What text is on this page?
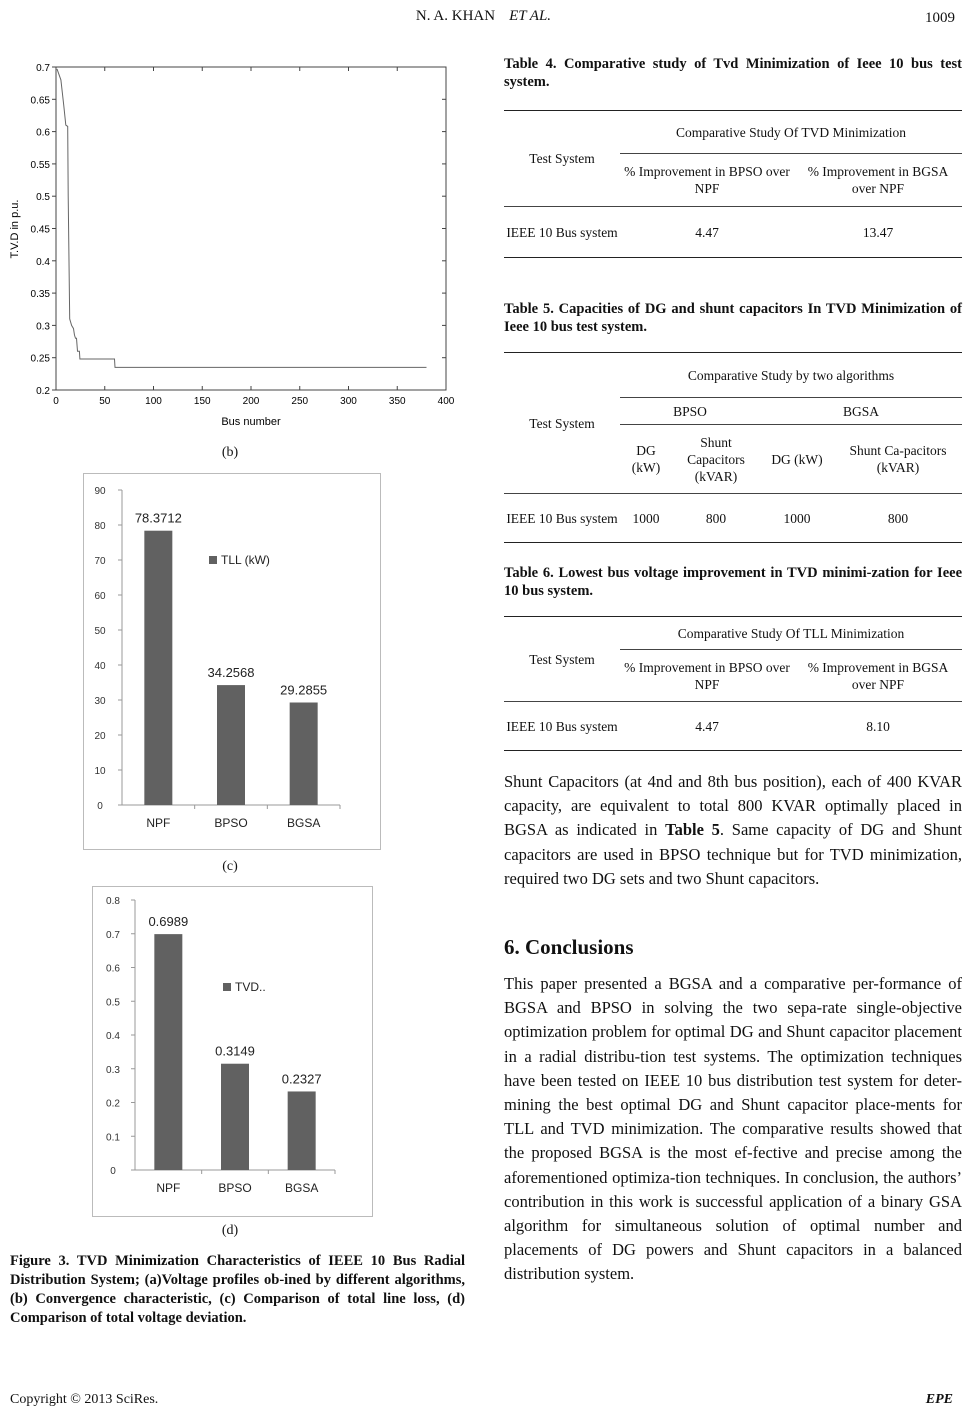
N. A. KHAN ET AL.	1009
0.2
0.25
0.3
0.35
0.4
0.45
0.5
0.55
0.6
0.65
0.7
0	50	100	150	200	250	300	350	400
Bus number
T.V.D in p.u.
(b)
0
10
20
30
40
50
60
70
80
90
78.3712
NPF
34.2568
BPSO
29.2855
BGSA
TLL (kW)
(c)
0
0.1
0.2
0.3
0.4
0.5
0.6
0.7
0.8
0.6989
NPF
0.3149
BPSO
0.2327
BGSA
TVD..
(d)
Figure 3. TVD Minimization Characteristics of IEEE 10 Bus Radial Distribution System; (a)Voltage profiles ob-ined by different algorithms, (b) Convergence characteristic, (c) Comparison of total line loss, (d) Comparison of total voltage deviation.
Table 4. Comparative study of Tvd Minimization of Ieee 10 bus test system.
Test System	Comparative Study Of TVD Minimization	
	% Improvement in BPSO over NPF	% Improvement in BGSA over NPF
IEEE 10 Bus system	4.47	13.47
Table 5. Capacities of DG and shunt capacitors In TVD Minimization of Ieee 10 bus test system.
Test System	Comparative Study by two algorithms			
	BPSO		BGSA	
	DG (kW)	Shunt Capacitors (kVAR)	DG (kW)	Shunt Ca-pacitors (kVAR)
IEEE 10 Bus system	1000	800	1000	800
Table 6. Lowest bus voltage improvement in TVD minimi-zation for Ieee 10 bus system.
Test System	Comparative Study Of TLL Minimization	
	% Improvement in BPSO over NPF	% Improvement in BGSA over NPF
IEEE 10 Bus system	4.47	8.10
Shunt Capacitors (at 4nd and 8th bus position), each of 400 KVAR capacity, are equivalent to total 800 KVAR optimally placed in BGSA as indicated in Table 5. Same capacity of DG and Shunt capacitors are used in BPSO technique but for TVD minimization, required two DG sets and two Shunt capacitors.
6. Conclusions
This paper presented a BGSA and a comparative per-formance of BGSA and BPSO in solving the two sepa-rate single-objective optimization problem for optimal DG and Shunt capacitor placement in a radial distribu-tion test systems. The optimization techniques have been tested on IEEE 10 bus distribution test system for deter-mining the best optimal DG and Shunt capacitor place-ments for TLL and TVD minimization. The comparative results showed that the proposed BGSA is the most ef-fective and precise among the aforementioned optimiza-tion techniques. In conclusion, the authors’ contribution in this work is successful application of a binary GSA algorithm for simultaneous solution of optimal number and placements of DG powers and Shunt capacitors in a balanced distribution system.
Copyright © 2013 SciRes.	EPE
